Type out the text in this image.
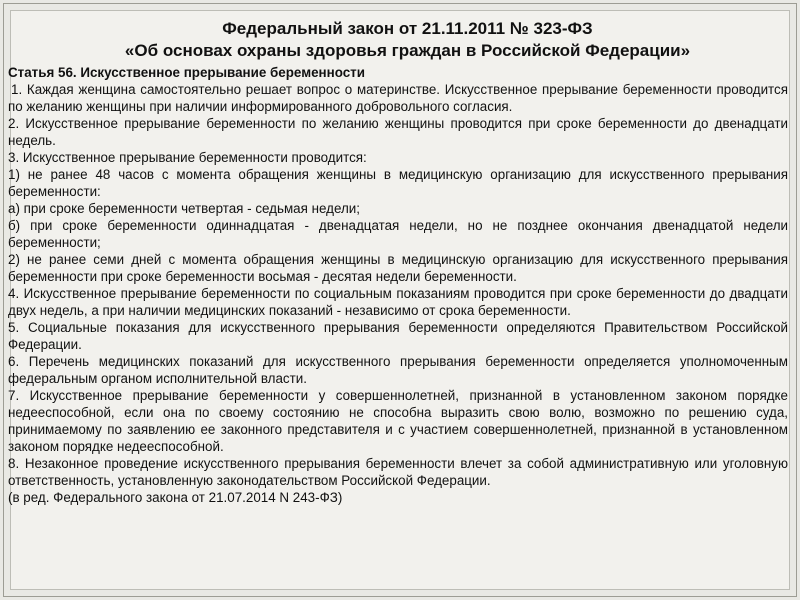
Федеральный закон от 21.11.2011 № 323-ФЗ
«Об основах охраны здоровья граждан в Российской Федерации»
Статья 56. Искусственное прерывание беременности

1. Каждая женщина самостоятельно решает вопрос о материнстве. Искусственное прерывание беременности проводится по желанию женщины при наличии информированного добровольного согласия.

2. Искусственное прерывание беременности по желанию женщины проводится при сроке беременности до двенадцати недель.

3. Искусственное прерывание беременности проводится:

1) не ранее 48 часов с момента обращения женщины в медицинскую организацию для искусственного прерывания беременности:

а) при сроке беременности четвертая - седьмая недели;

б) при сроке беременности одиннадцатая - двенадцатая недели, но не позднее окончания двенадцатой недели беременности;

2) не ранее семи дней с момента обращения женщины в медицинскую организацию для искусственного прерывания беременности при сроке беременности восьмая - десятая недели беременности.

4. Искусственное прерывание беременности по социальным показаниям проводится при сроке беременности до двадцати двух недель, а при наличии медицинских показаний - независимо от срока беременности.

5. Социальные показания для искусственного прерывания беременности определяются Правительством Российской Федерации.

6. Перечень медицинских показаний для искусственного прерывания беременности определяется уполномоченным федеральным органом исполнительной власти.

7. Искусственное прерывание беременности у совершеннолетней, признанной в установленном законом порядке недееспособной, если она по своему состоянию не способна выразить свою волю, возможно по решению суда, принимаемому по заявлению ее законного представителя и с участием совершеннолетней, признанной в установленном законом порядке недееспособной.

8. Незаконное проведение искусственного прерывания беременности влечет за собой административную или уголовную ответственность, установленную законодательством Российской Федерации.

(в ред. Федерального закона от 21.07.2014 N 243-ФЗ)
